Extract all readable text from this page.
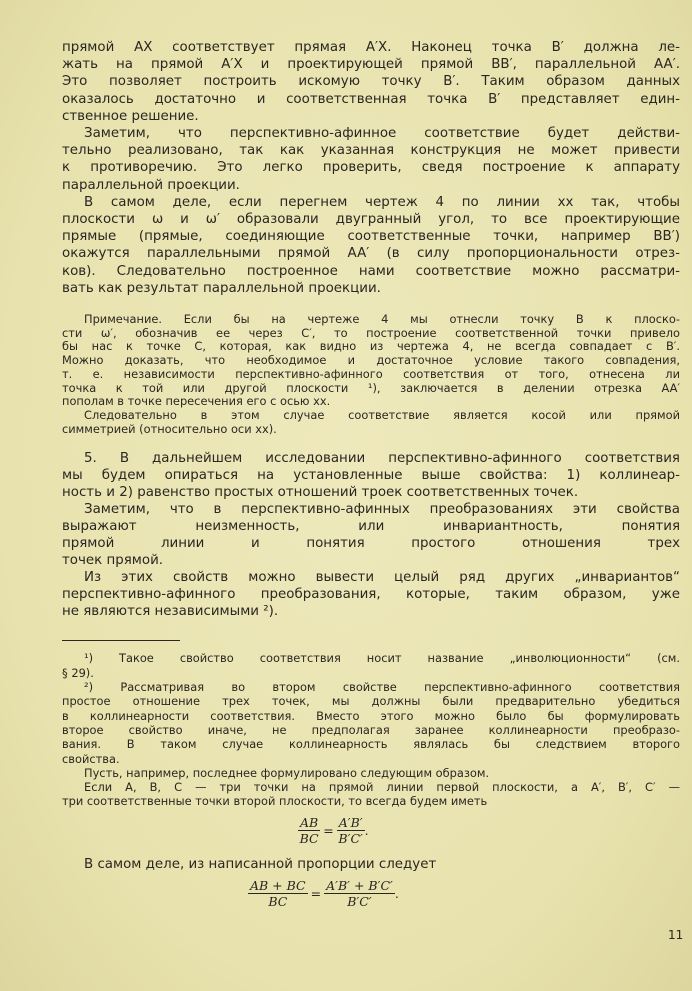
прямой AX соответствует прямая A′X. Наконец точка B′ должна ле-
жать на прямой A′X и проектирующей прямой BB′, параллельной AA′.
Это позволяет построить искомую точку B′. Таким образом данных
оказалось достаточно и соответственная точка B′ представляет един-
ственное решение.
Заметим, что перспективно-афинное соответствие будет действи-
тельно реализовано, так как указанная конструкция не может привести
к противоречию. Это легко проверить, сведя построение к аппарату
параллельной проекции.
В самом деле, если перегнем чертеж 4 по линии xx так, чтобы
плоскости ω и ω′ образовали двугранный угол, то все проектирующие
прямые (прямые, соединяющие соответственные точки, например BB′)
окажутся параллельными прямой AA′ (в силу пропорциональности отрез-
ков). Следовательно построенное нами соответствие можно рассматри-
вать как результат параллельной проекции.
Примечание. Если бы на чертеже 4 мы отнесли точку B к плоско-
сти ω′, обозначив ее через C′, то построение соответственной точки привело
бы нас к точке C, которая, как видно из чертежа 4, не всегда совпадает с B′.
Можно доказать, что необходимое и достаточное условие такого совпадения,
т. е. независимости перспективно-афинного соответствия от того, отнесена ли
точка к той или другой плоскости ¹), заключается в делении отрезка AA′
пополам в точке пересечения его с осью xx.
Следовательно в этом случае соответствие является косой или прямой
симметрией (относительно оси xx).
5. В дальнейшем исследовании перспективно-афинного соответствия
мы будем опираться на установленные выше свойства: 1) коллинеар-
ность и 2) равенство простых отношений троек соответственных точек.
Заметим, что в перспективно-афинных преобразованиях эти свойства
выражают неизменность, или инвариантность, понятия
прямой линии и понятия простого отношения трех
точек прямой.
Из этих свойств можно вывести целый ряд других „инвариантов“
перспективно-афинного преобразования, которые, таким образом, уже
не являются независимыми ²).
¹) Такое свойство соответствия носит название „инволюционности“ (см.
§ 29).
²) Рассматривая во втором свойстве перспективно-афинного соответствия
простое отношение трех точек, мы должны были предварительно убедиться
в коллинеарности соответствия. Вместо этого можно было бы формулировать
второе свойство иначе, не предполагая заранее коллинеарности преобразо-
вания. В таком случае коллинеарность являлась бы следствием второго
свойства.
Пусть, например, последнее формулировано следующим образом.
Если A, B, C — три точки на прямой линии первой плоскости, а A′, B′, C′ —
три соответственные точки второй плоскости, то всегда будем иметь
$\frac{AB}{BC} = \frac{A'B'}{B'C'}$ .
В самом деле, из написанной пропорции следует
$\frac{AB + BC}{BC} = \frac{A'B' + B'C'}{B'C'}$ .
11
